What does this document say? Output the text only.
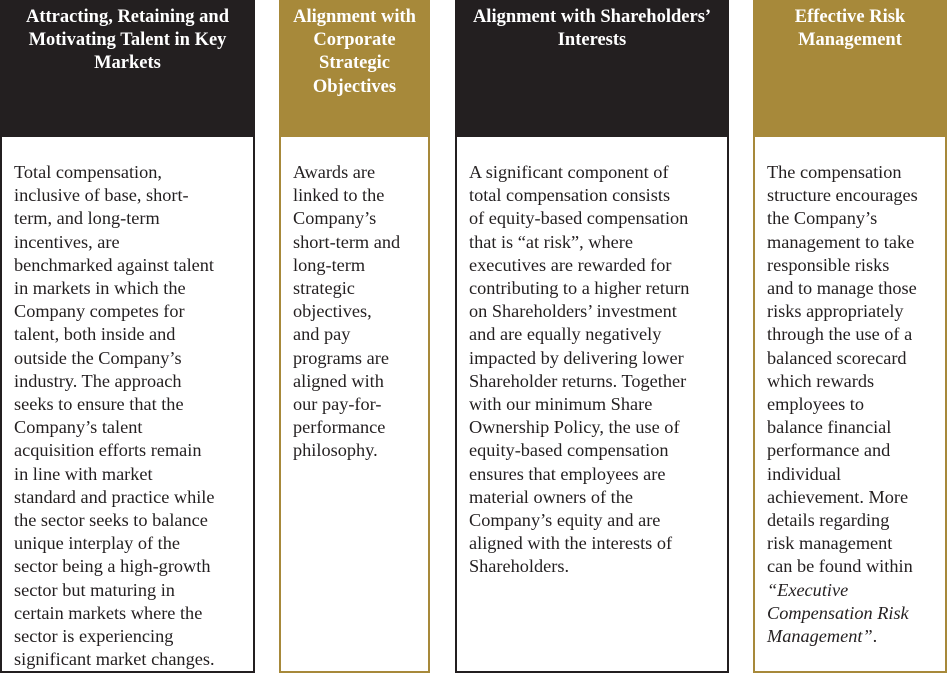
Attracting, Retaining and Motivating Talent in Key Markets
Total compensation,
inclusive of base, short-
term, and long-term
incentives, are
benchmarked against talent
in markets in which the
Company competes for
talent, both inside and
outside the Company’s
industry. The approach
seeks to ensure that the
Company’s talent
acquisition efforts remain
in line with market
standard and practice while
the sector seeks to balance
unique interplay of the
sector being a high-growth
sector but maturing in
certain markets where the
sector is experiencing
significant market changes.
Alignment with Corporate Strategic Objectives
Awards are
linked to the
Company’s
short-term and
long-term
strategic
objectives,
and pay
programs are
aligned with
our pay-for-
performance
philosophy.
Alignment with Shareholders’ Interests
A significant component of
total compensation consists
of equity-based compensation
that is “at risk”, where
executives are rewarded for
contributing to a higher return
on Shareholders’ investment
and are equally negatively
impacted by delivering lower
Shareholder returns. Together
with our minimum Share
Ownership Policy, the use of
equity-based compensation
ensures that employees are
material owners of the
Company’s equity and are
aligned with the interests of
Shareholders.
Effective Risk Management
The compensation
structure encourages
the Company’s
management to take
responsible risks
and to manage those
risks appropriately
through the use of a
balanced scorecard
which rewards
employees to
balance financial
performance and
individual
achievement. More
details regarding
risk management
can be found within
“Executive
Compensation Risk
Management”.
